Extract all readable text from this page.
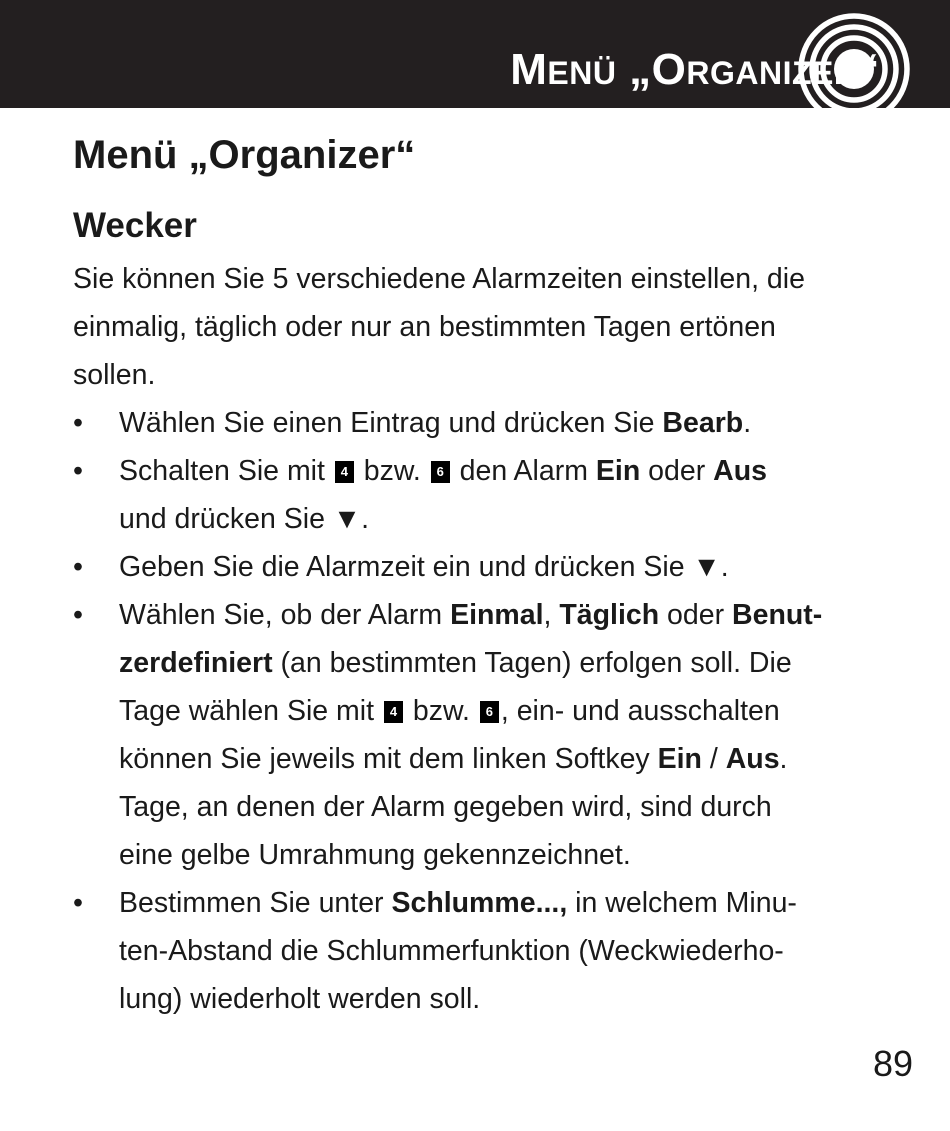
MENÜ „ORGANIZER“
Menü „Organizer“
Wecker

Sie können Sie 5 verschiedene Alarmzeiten einstellen, die
einmalig, täglich oder nur an bestimmten Tagen ertönen
sollen.

• Wählen Sie einen Eintrag und drücken Sie Bearb.
• Schalten Sie mit 4 bzw. 6 den Alarm Ein oder Aus
und drücken Sie ▼.
• Geben Sie die Alarmzeit ein und drücken Sie ▼.
• Wählen Sie, ob der Alarm Einmal, Täglich oder Benut-
zerdefiniert (an bestimmten Tagen) erfolgen soll. Die
Tage wählen Sie mit 4 bzw. 6 , ein- und ausschalten
können Sie jeweils mit dem linken Softkey Ein / Aus.
Tage, an denen der Alarm gegeben wird, sind durch
eine gelbe Umrahmung gekennzeichnet.
• Bestimmen Sie unter Schlumme..., in welchem Minu-
ten-Abstand die Schlummerfunktion (Weckwiederho-
lung) wiederholt werden soll.
89
